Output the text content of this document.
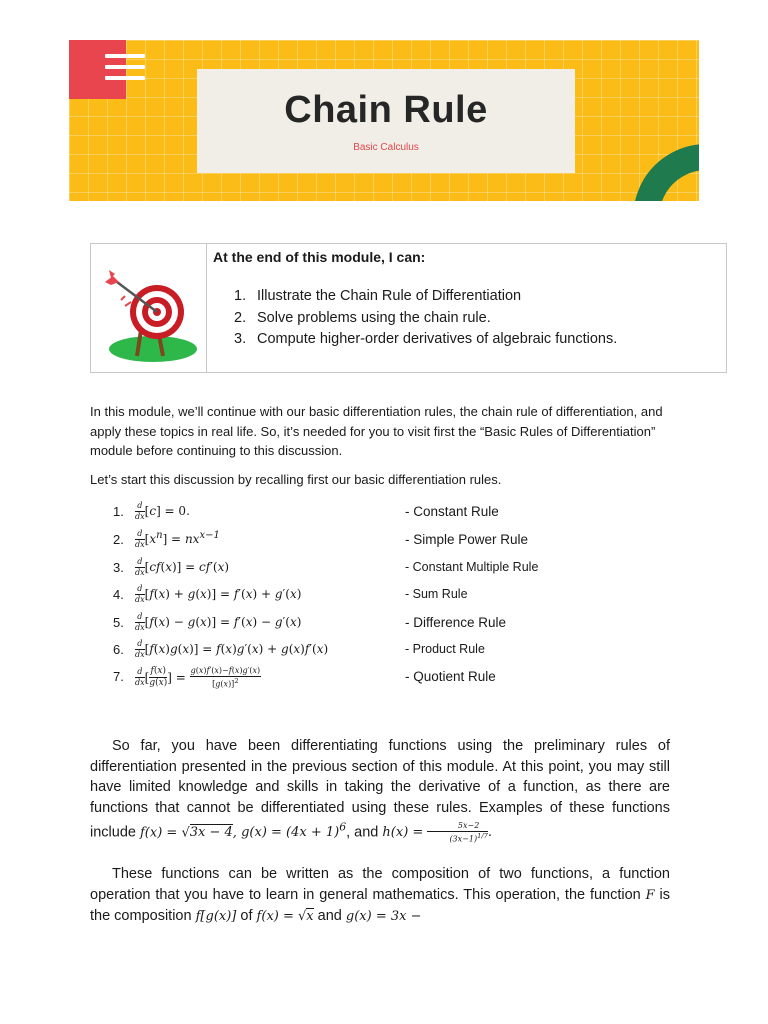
Chain Rule
Basic Calculus
At the end of this module, I can:
1. Illustrate the Chain Rule of Differentiation
2. Solve problems using the chain rule.
3. Compute higher-order derivatives of algebraic functions.
In this module, we’ll continue with our basic differentiation rules, the chain rule of differentiation, and apply these topics in real life. So, it’s needed for you to visit first the “Basic Rules of Differentiation” module before continuing to this discussion.
Let’s start this discussion by recalling first our basic differentiation rules.
1. $\frac{d}{dx} [c] = 0$.	- Constant Rule
2. $\frac{d}{dx} [x^n] = nx^{x-1}$	- Simple Power Rule
3. $\frac{d}{dx} [cf(x)] = cf'(x)$	- Constant Multiple Rule
4. $\frac{d}{dx} [f(x) + g(x)] = f'(x) + g'(x)$	- Sum Rule
5. $\frac{d}{dx} [f(x) - g(x)] = f'(x) - g'(x)$	- Difference Rule
6. $\frac{d}{dx} [f(x)g(x)] = f(x)g'(x) + g(x)f'(x)$	- Product Rule
7. $\frac{d}{dx}$ [ $\frac{f(x)}{g(x)}$ ] = $\frac{g(x)f'(x)-f(x)g'(x)}{[g(x)]^2}$	- Quotient Rule
So far, you have been differentiating functions using the preliminary rules of differentiation presented in the previous section of this module. At this point, you may still have limited knowledge and skills in taking the derivative of a function, as there are functions that cannot be differentiated using these rules. Examples of these functions include f(x) = √3x − 4, $g(x) = (4x + 1)^6$, and $h(x) = \frac{5x-2}{(3x-1)^{1/7}}$ .
These functions can be written as the composition of two functions, a function operation that you have to learn in general mathematics. This operation, the function F is the composition f[g(x)] of f(x) = √x and g(x) = 3x −
